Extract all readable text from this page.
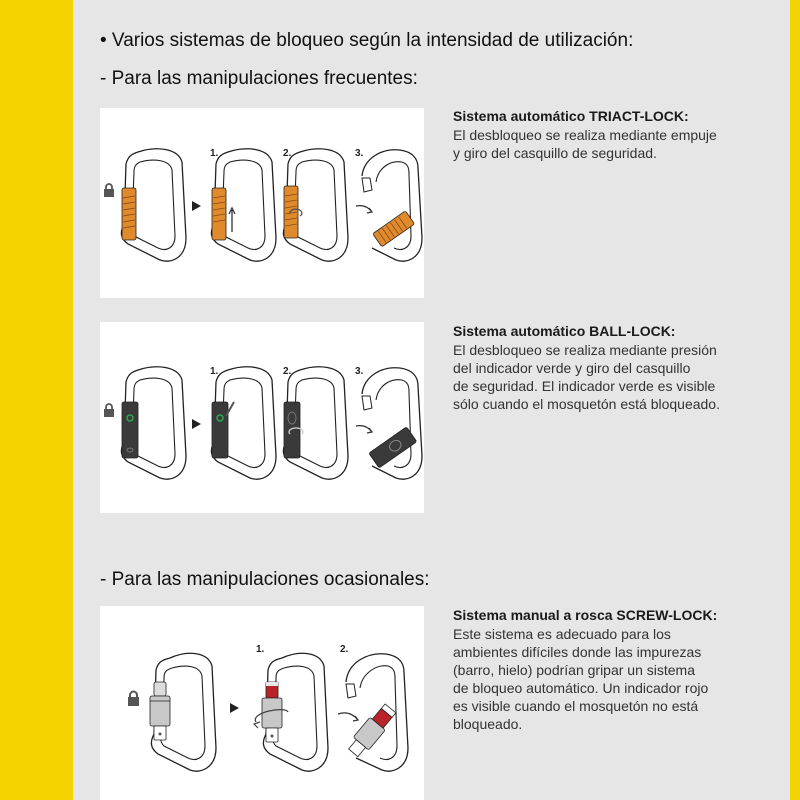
• Varios sistemas de bloqueo según la intensidad de utilización:
- Para las manipulaciones frecuentes:
1.	2.	3.
Sistema automático TRIACT-LOCK:
El desbloqueo se realiza mediante empuje
y giro del casquillo de seguridad.
1.	2.	3.
Sistema automático BALL-LOCK:
El desbloqueo se realiza mediante presión
del indicador verde y giro del casquillo
de seguridad. El indicador verde es visible
sólo cuando el mosquetón está bloqueado.
- Para las manipulaciones ocasionales:
1.	2.
Sistema manual a rosca SCREW-LOCK:
Este sistema es adecuado para los
ambientes difíciles donde las impurezas
(barro, hielo) podrían gripar un sistema
de bloqueo automático. Un indicador rojo
es visible cuando el mosquetón no está
bloqueado.
